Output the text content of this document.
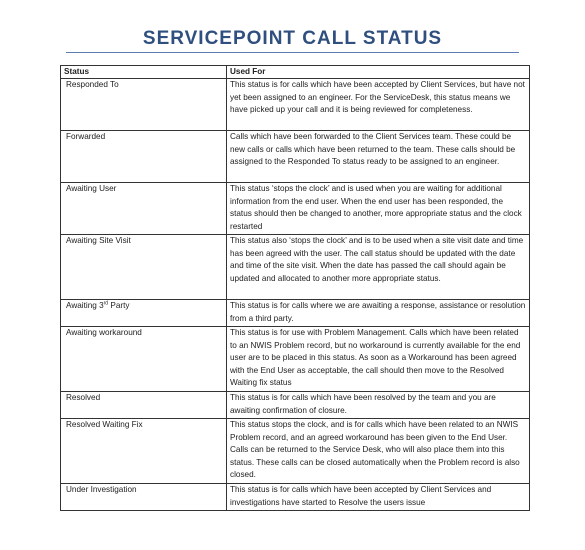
SERVICEPOINT CALL STATUS
Status	Used For
Responded To	This status is for calls which have been accepted by Client Services, but have not yet been assigned to an engineer. For the ServiceDesk, this status means we have picked up your call and it is being reviewed for completeness.
Forwarded	Calls which have been forwarded to the Client Services team. These could be new calls or calls which have been returned to the team. These calls should be assigned to the Responded To status ready to be assigned to an engineer.
Awaiting User	This status ‘stops the clock’ and is used when you are waiting for additional information from the end user. When the end user has been responded, the status should then be changed to another, more appropriate status and the clock restarted
Awaiting Site Visit	This status also ‘stops the clock’ and is to be used when a site visit date and time has been agreed with the user. The call status should be updated with the date and time of the site visit. When the date has passed the call should again be updated and allocated to another more appropriate status.
Awaiting 3rd Party	This status is for calls where we are awaiting a response, assistance or resolution from a third party.
Awaiting workaround	This status is for use with Problem Management. Calls which have been related to an NWIS Problem record, but no workaround is currently available for the end user are to be placed in this status. As soon as a Workaround has been agreed with the End User as acceptable, the call should then move to the Resolved Waiting fix status
Resolved	This status is for calls which have been resolved by the team and you are awaiting confirmation of closure.
Resolved Waiting Fix	This status stops the clock, and is for calls which have been related to an NWIS Problem record, and an agreed workaround has been given to the End User. Calls can be returned to the Service Desk, who will also place them into this status. These calls can be closed automatically when the Problem record is also closed.
Under Investigation	This status is for calls which have been accepted by Client Services and investigations have started to Resolve the users issue
